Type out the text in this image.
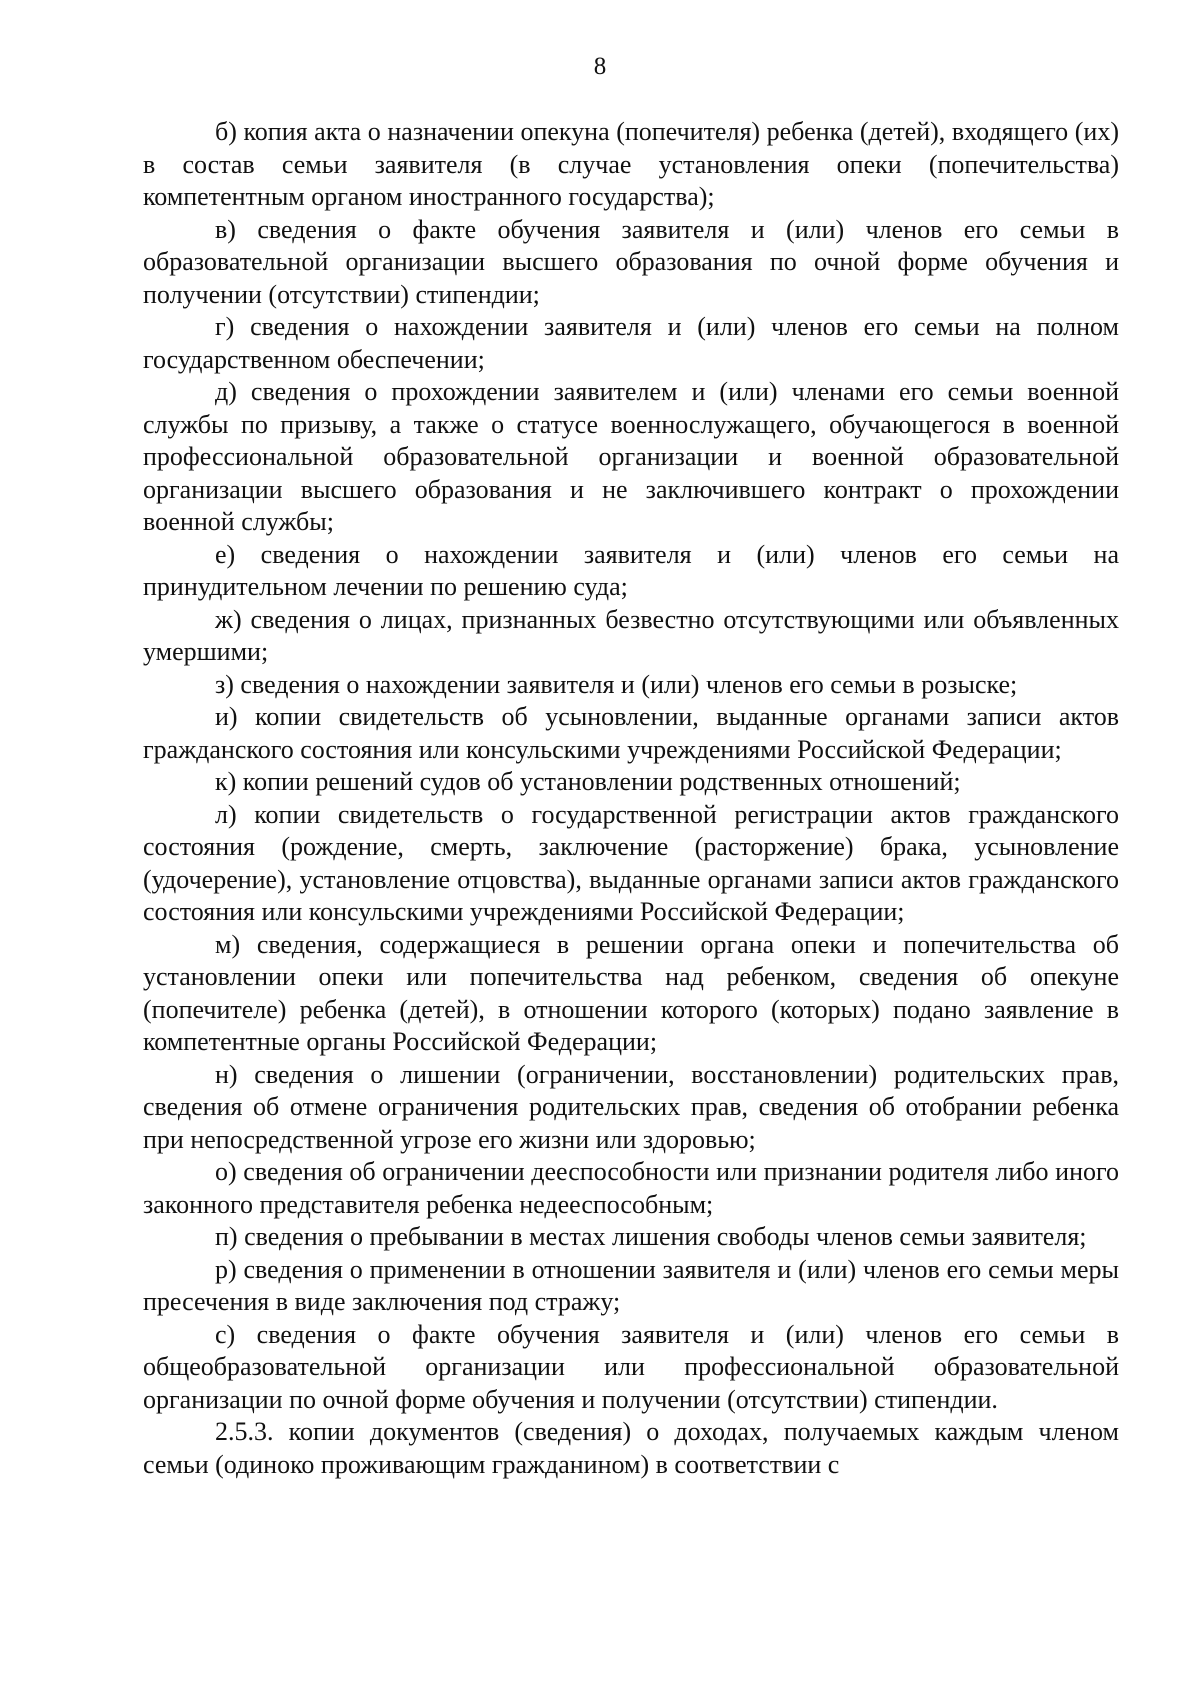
8

б) копия акта о назначении опекуна (попечителя) ребенка (детей), входящего (их) в состав семьи заявителя (в случае установления опеки (попечительства) компетентным органом иностранного государства);

в) сведения о факте обучения заявителя и (или) членов его семьи в образовательной организации высшего образования по очной форме обучения и получении (отсутствии) стипендии;

г) сведения о нахождении заявителя и (или) членов его семьи на полном государственном обеспечении;

д) сведения о прохождении заявителем и (или) членами его семьи военной службы по призыву, а также о статусе военнослужащего, обучающегося в военной профессиональной образовательной организации и военной образовательной организации высшего образования и не заключившего контракт о прохождении военной службы;

е) сведения о нахождении заявителя и (или) членов его семьи на принудительном лечении по решению суда;

ж) сведения о лицах, признанных безвестно отсутствующими или объявленных умершими;

з) сведения о нахождении заявителя и (или) членов его семьи в розыске;

и) копии свидетельств об усыновлении, выданные органами записи актов гражданского состояния или консульскими учреждениями Российской Федерации;

к) копии решений судов об установлении родственных отношений;

л) копии свидетельств о государственной регистрации актов гражданского состояния (рождение, смерть, заключение (расторжение) брака, усыновление (удочерение), установление отцовства), выданные органами записи актов гражданского состояния или консульскими учреждениями Российской Федерации;

м) сведения, содержащиеся в решении органа опеки и попечительства об установлении опеки или попечительства над ребенком, сведения об опекуне (попечителе) ребенка (детей), в отношении которого (которых) подано заявление в компетентные органы Российской Федерации;

н) сведения о лишении (ограничении, восстановлении) родительских прав, сведения об отмене ограничения родительских прав, сведения об отобрании ребенка при непосредственной угрозе его жизни или здоровью;

о) сведения об ограничении дееспособности или признании родителя либо иного законного представителя ребенка недееспособным;

п) сведения о пребывании в местах лишения свободы членов семьи заявителя;

р) сведения о применении в отношении заявителя и (или) членов его семьи меры пресечения в виде заключения под стражу;

с) сведения о факте обучения заявителя и (или) членов его семьи в общеобразовательной организации или профессиональной образовательной организации по очной форме обучения и получении (отсутствии) стипендии.

2.5.3. копии документов (сведения) о доходах, получаемых каждым членом семьи (одиноко проживающим гражданином) в соответствии с
